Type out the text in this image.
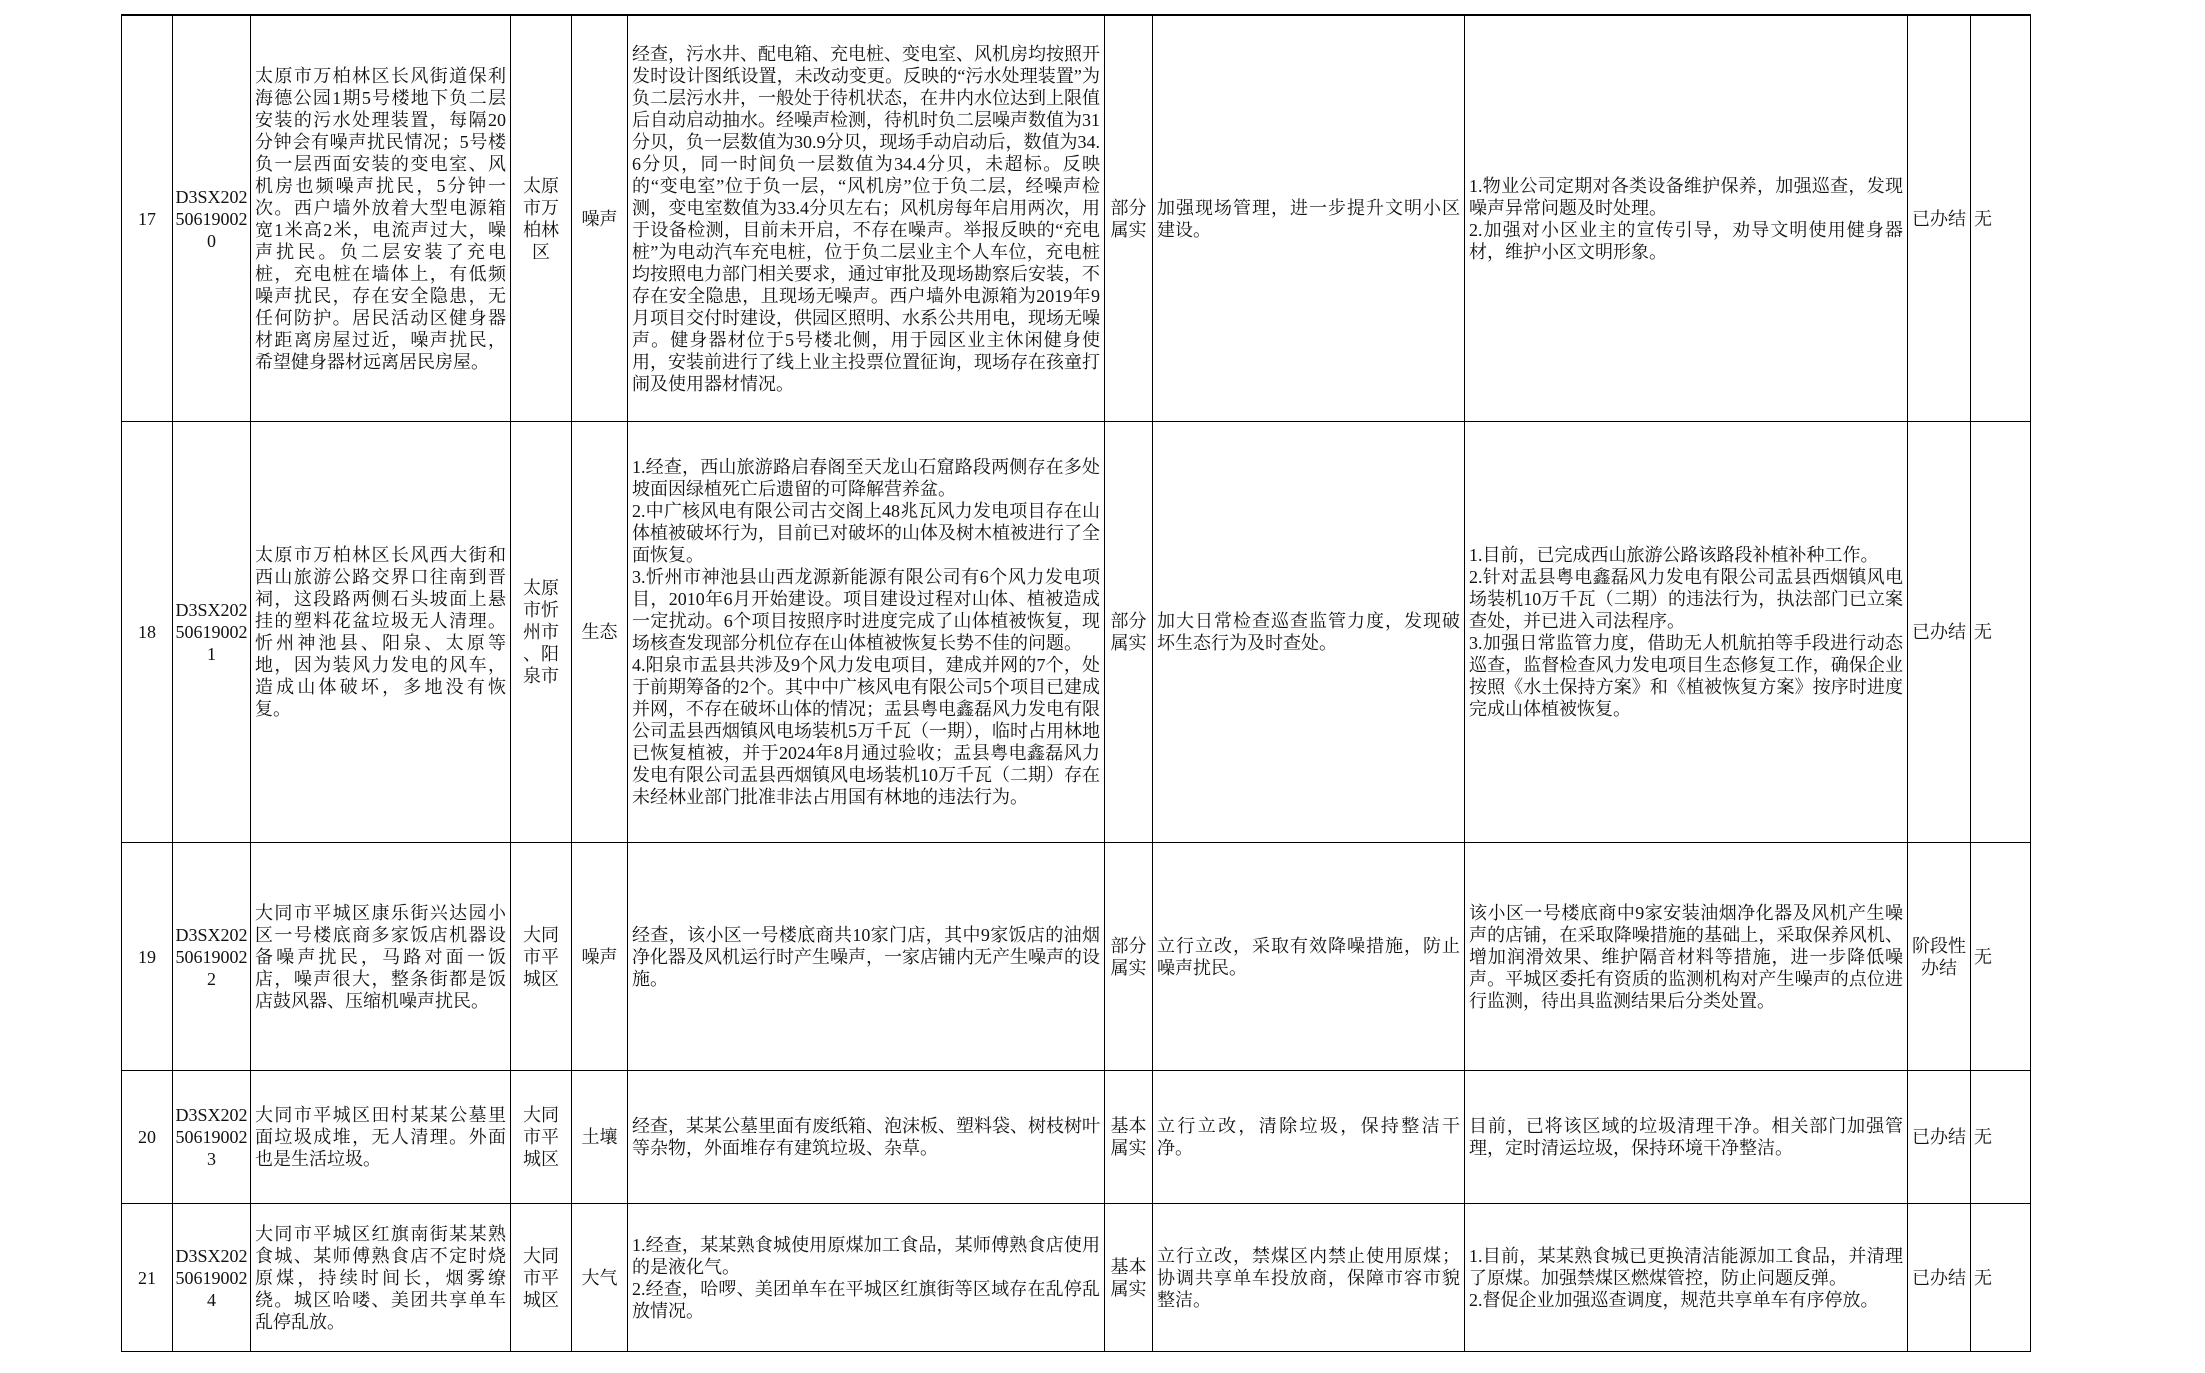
17
D3SX202506190020
太原市万柏林区长风街道保利海德公园1期5号楼地下负二层安装的污水处理装置，每隔20分钟会有噪声扰民情况；5号楼负一层西面安装的变电室、风机房也频噪声扰民，5分钟一次。西户墙外放着大型电源箱宽1米高2米，电流声过大，噪声扰民。负二层安装了充电桩，充电桩在墙体上，有低频噪声扰民，存在安全隐患，无任何防护。居民活动区健身器材距离房屋过近，噪声扰民，希望健身器材远离居民房屋。
太原市万柏林区
噪声
经查，污水井、配电箱、充电桩、变电室、风机房均按照开发时设计图纸设置，未改动变更。反映的“污水处理装置”为负二层污水井，一般处于待机状态，在井内水位达到上限值后自动启动抽水。经噪声检测，待机时负二层噪声数值为31分贝，负一层数值为30.9分贝，现场手动启动后，数值为34.6分贝，同一时间负一层数值为34.4分贝，未超标。反映的“变电室”位于负一层，“风机房”位于负二层，经噪声检测，变电室数值为33.4分贝左右；风机房每年启用两次，用于设备检测，目前未开启，不存在噪声。举报反映的“充电桩”为电动汽车充电桩，位于负二层业主个人车位，充电桩均按照电力部门相关要求，通过审批及现场勘察后安装，不存在安全隐患，且现场无噪声。西户墙外电源箱为2019年9月项目交付时建设，供园区照明、水系公共用电，现场无噪声。健身器材位于5号楼北侧，用于园区业主休闲健身使用，安装前进行了线上业主投票位置征询，现场存在孩童打闹及使用器材情况。
部分属实
加强现场管理，进一步提升文明小区建设。
1.物业公司定期对各类设备维护保养，加强巡查，发现噪声异常问题及时处理。
2.加强对小区业主的宣传引导，劝导文明使用健身器材，维护小区文明形象。
已办结 无
18
D3SX202506190021
太原市万柏林区长风西大街和西山旅游公路交界口往南到晋祠，这段路两侧石头坡面上悬挂的塑料花盆垃圾无人清理。忻州神池县、阳泉、太原等地，因为装风力发电的风车，造成山体破坏，多地没有恢复。
太原市忻州市、阳泉市
生态
1.经查，西山旅游路启春阁至天龙山石窟路段两侧存在多处坡面因绿植死亡后遗留的可降解营养盆。
2.中广核风电有限公司古交阁上48兆瓦风力发电项目存在山体植被破坏行为，目前已对破坏的山体及树木植被进行了全面恢复。
3.忻州市神池县山西龙源新能源有限公司有6个风力发电项目，2010年6月开始建设。项目建设过程对山体、植被造成一定扰动。6个项目按照序时进度完成了山体植被恢复，现场核查发现部分机位存在山体植被恢复长势不佳的问题。
4.阳泉市盂县共涉及9个风力发电项目，建成并网的7个，处于前期筹备的2个。其中中广核风电有限公司5个项目已建成并网，不存在破坏山体的情况；盂县粤电鑫磊风力发电有限公司盂县西烟镇风电场装机5万千瓦（一期），临时占用林地已恢复植被，并于2024年8月通过验收；盂县粤电鑫磊风力发电有限公司盂县西烟镇风电场装机10万千瓦（二期）存在未经林业部门批准非法占用国有林地的违法行为。
部分属实
加大日常检查巡查监管力度，发现破坏生态行为及时查处。
1.目前，已完成西山旅游公路该路段补植补种工作。
2.针对盂县粤电鑫磊风力发电有限公司盂县西烟镇风电场装机10万千瓦（二期）的违法行为，执法部门已立案查处，并已进入司法程序。
3.加强日常监管力度，借助无人机航拍等手段进行动态巡查，监督检查风力发电项目生态修复工作，确保企业按照《水土保持方案》和《植被恢复方案》按序时进度完成山体植被恢复。
已办结 无
19
D3SX202506190022
大同市平城区康乐街兴达园小区一号楼底商多家饭店机器设备噪声扰民，马路对面一饭店，噪声很大，整条街都是饭店鼓风器、压缩机噪声扰民。
大同市平城区
噪声
经查，该小区一号楼底商共10家门店，其中9家饭店的油烟净化器及风机运行时产生噪声，一家店铺内无产生噪声的设施。
部分属实
立行立改，采取有效降噪措施，防止噪声扰民。
该小区一号楼底商中9家安装油烟净化器及风机产生噪声的店铺，在采取降噪措施的基础上，采取保养风机、增加润滑效果、维护隔音材料等措施，进一步降低噪声。平城区委托有资质的监测机构对产生噪声的点位进行监测，待出具监测结果后分类处置。
阶段性办结
无
20
D3SX202506190023
大同市平城区田村某某公墓里面垃圾成堆，无人清理。外面也是生活垃圾。
大同市平城区
土壤
经查，某某公墓里面有废纸箱、泡沫板、塑料袋、树枝树叶等杂物，外面堆存有建筑垃圾、杂草。
基本属实
立行立改，清除垃圾，保持整洁干净。
目前，已将该区域的垃圾清理干净。相关部门加强管理，定时清运垃圾，保持环境干净整洁。
已办结 无
21
D3SX202506190024
大同市平城区红旗南街某某熟食城、某师傅熟食店不定时烧原煤，持续时间长，烟雾缭绕。城区哈喽、美团共享单车乱停乱放。
大同市平城区
大气
1.经查，某某熟食城使用原煤加工食品，某师傅熟食店使用的是液化气。
2.经查，哈啰、美团单车在平城区红旗街等区域存在乱停乱放情况。
基本属实
立行立改，禁煤区内禁止使用原煤；协调共享单车投放商，保障市容市貌整洁。
1.目前，某某熟食城已更换清洁能源加工食品，并清理了原煤。加强禁煤区燃煤管控，防止问题反弹。
2.督促企业加强巡查调度，规范共享单车有序停放。
已办结 无
